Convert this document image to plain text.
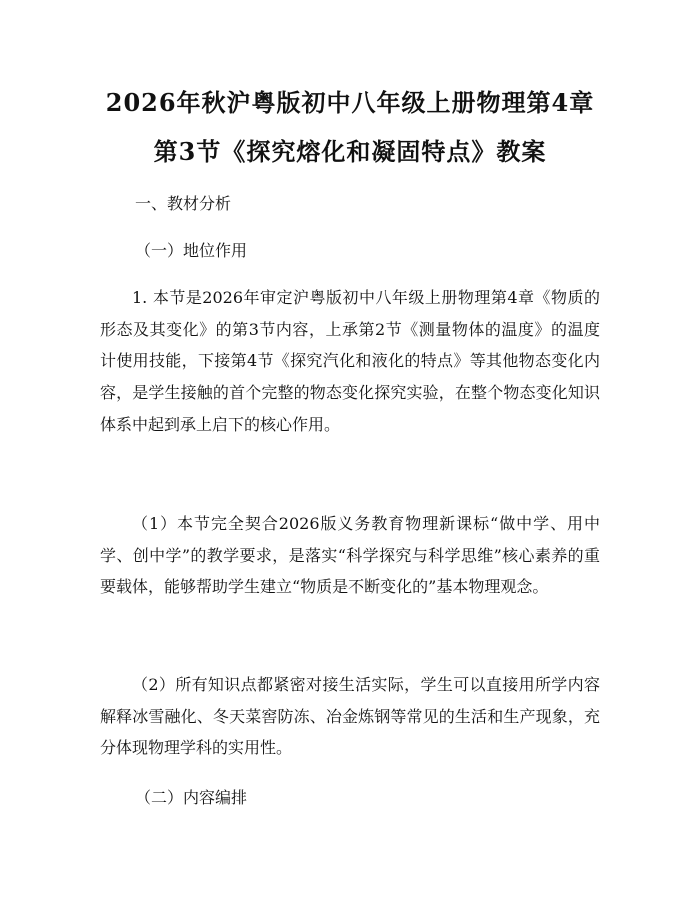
2026年秋沪粤版初中八年级上册物理第4章
第3节《探究熔化和凝固特点》教案
一、教材分析
（一）地位作用

1. 本节是2026年审定沪粤版初中八年级上册物理第4章《物质的形态及其变化》的第3节内容，上承第2节《测量物体的温度》的温度计使用技能，下接第4节《探究汽化和液化的特点》等其他物态变化内容，是学生接触的首个完整的物态变化探究实验，在整个物态变化知识体系中起到承上启下的核心作用。

（1）本节完全契合2026版义务教育物理新课标“做中学、用中学、创中学”的教学要求，是落实“科学探究与科学思维”核心素养的重要载体，能够帮助学生建立“物质是不断变化的”基本物理观念。

（2）所有知识点都紧密对接生活实际，学生可以直接用所学内容解释冰雪融化、冬天菜窖防冻、冶金炼钢等常见的生活和生产现象，充分体现物理学科的实用性。

（二）内容编排
